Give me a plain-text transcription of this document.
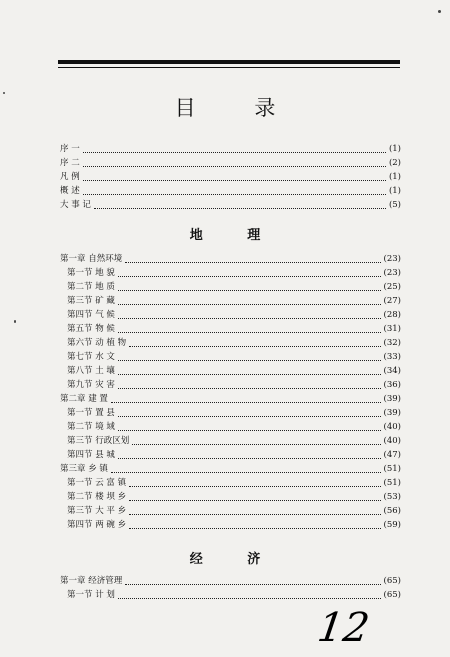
目 录
序 一	(1)
序 二	(2)
凡 例	(1)
概 述	(1)
大 事 记	(5)
地 理
第一章 自然环境	(23)
第一节 地 貌	(23)
第二节 地 质	(25)
第三节 矿 藏	(27)
第四节 气 候	(28)
第五节 物 候	(31)
第六节 动 植 物	(32)
第七节 水 文	(33)
第八节 土 壤	(34)
第九节 灾 害	(36)
第二章 建 置	(39)
第一节 置 县	(39)
第二节 境 域	(40)
第三节 行政区划	(40)
第四节 县 城	(47)
第三章 乡 镇	(51)
第一节 云 富 镇	(51)
第二节 楼 坝 乡	(53)
第三节 大 平 乡	(56)
第四节 两 碗 乡	(59)
经 济
第一章 经济管理	(65)
第一节 计 划	(65)
12
